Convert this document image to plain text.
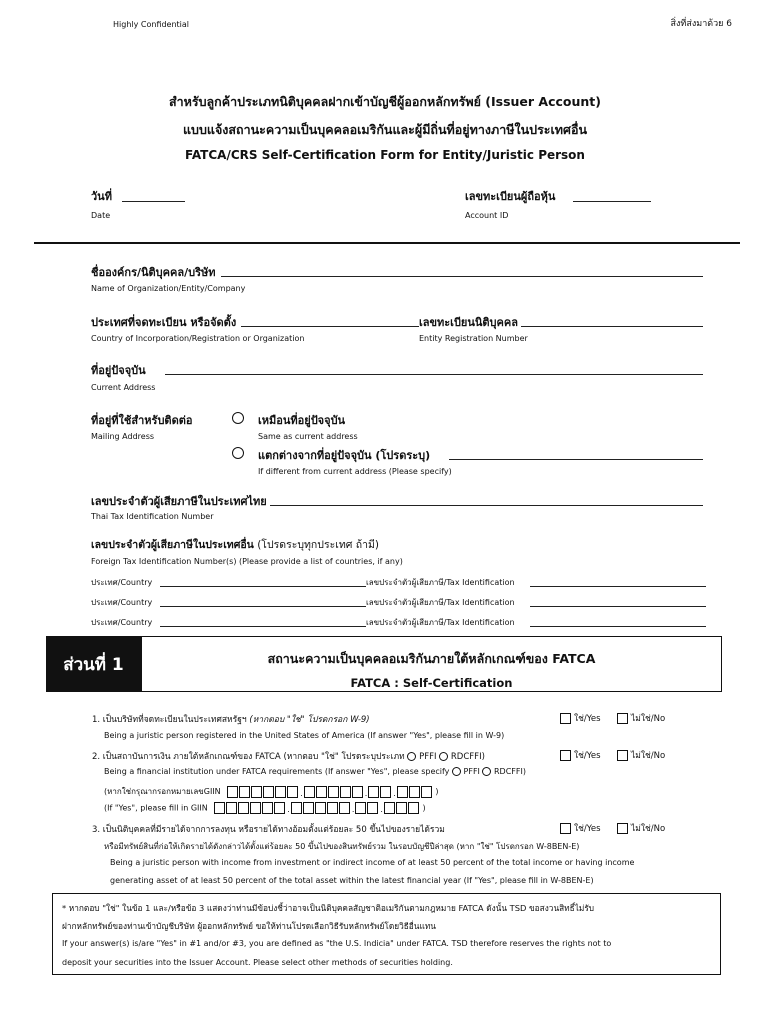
Highly Confidential	สิ่งที่ส่งมาด้วย 6
สำหรับลูกค้าประเภทนิติบุคคลฝากเข้าบัญชีผู้ออกหลักทรัพย์ (Issuer Account)
แบบแจ้งสถานะความเป็นบุคคลอเมริกันและผู้มีถิ่นที่อยู่ทางภาษีในประเทศอื่น
FATCA/CRS Self-Certification Form for Entity/Juristic Person
วันที่
Date
เลขทะเบียนผู้ถือหุ้น
Account ID
ชื่อองค์กร/นิติบุคคล/บริษัท
Name of Organization/Entity/Company
ประเทศที่จดทะเบียน หรือจัดตั้ง	เลขทะเบียนนิติบุคคล
Country of Incorporation/Registration or Organization	Entity Registration Number
ที่อยู่ปัจจุบัน
Current Address
ที่อยู่ที่ใช้สำหรับติดต่อ
Mailing Address
เหมือนที่อยู่ปัจจุบัน
Same as current address
แตกต่างจากที่อยู่ปัจจุบัน (โปรดระบุ)
If different from current address (Please specify)
เลขประจำตัวผู้เสียภาษีในประเทศไทย
Thai Tax Identification Number
เลขประจำตัวผู้เสียภาษีในประเทศอื่น (โปรดระบุทุกประเทศ ถ้ามี)
Foreign Tax Identification Number(s) (Please provide a list of countries, if any)
ประเทศ/Country	เลขประจำตัวผู้เสียภาษี/Tax Identification
ประเทศ/Country	เลขประจำตัวผู้เสียภาษี/Tax Identification
ประเทศ/Country	เลขประจำตัวผู้เสียภาษี/Tax Identification
ส่วนที่ 1	สถานะความเป็นบุคคลอเมริกันภายใต้หลักเกณฑ์ของ FATCA
FATCA : Self-Certification
1. เป็นบริษัทที่จดทะเบียนในประเทศสหรัฐฯ (หากตอบ "ใช่" โปรดกรอก W-9)	ใช่/Yes	ไม่ใช่/No
Being a juristic person registered in the United States of America (If answer "Yes", please fill in W-9)
2. เป็นสถาบันการเงิน ภายใต้หลักเกณฑ์ของ FATCA (หากตอบ "ใช่" โปรดระบุประเภท PFFI RDCFFI)	ใช่/Yes	ไม่ใช่/No
Being a financial institution under FATCA requirements (If answer "Yes", please specify PFFI RDCFFI)
(หากใช่กรุณากรอกหมายเลขGIIN	.	.	.	)
(If "Yes", please fill in GIIN	.	.	.	)
3. เป็นนิติบุคคลที่มีรายได้จากการลงทุน หรือรายได้ทางอ้อมตั้งแต่ร้อยละ 50 ขึ้นไปของรายได้รวม	ใช่/Yes	ไม่ใช่/No
หรือมีทรัพย์สินที่ก่อให้เกิดรายได้ดังกล่าวได้ตั้งแต่ร้อยละ 50 ขึ้นไปของสินทรัพย์รวม ในรอบบัญชีปีล่าสุด (หาก "ใช่" โปรดกรอก W-8BEN-E)
Being a juristic person with income from investment or indirect income of at least 50 percent of the total income or having income
generating asset of at least 50 percent of the total asset within the latest financial year (If "Yes", please fill in W-8BEN-E)
* หากตอบ "ใช่" ในข้อ 1 และ/หรือข้อ 3 แสดงว่าท่านมีข้อบ่งชี้ว่าอาจเป็นนิติบุคคลสัญชาติอเมริกันตามกฎหมาย FATCA ดังนั้น TSD ขอสงวนสิทธิ์ไม่รับ
ฝากหลักทรัพย์ของท่านเข้าบัญชีบริษัท ผู้ออกหลักทรัพย์ ขอให้ท่านโปรดเลือกวิธีรับหลักทรัพย์โดยวิธีอื่นแทน
If your answer(s) is/are "Yes" in #1 and/or #3, you are defined as "the U.S. Indicia" under FATCA. TSD therefore reserves the rights not to
deposit your securities into the Issuer Account. Please select other methods of securities holding.
